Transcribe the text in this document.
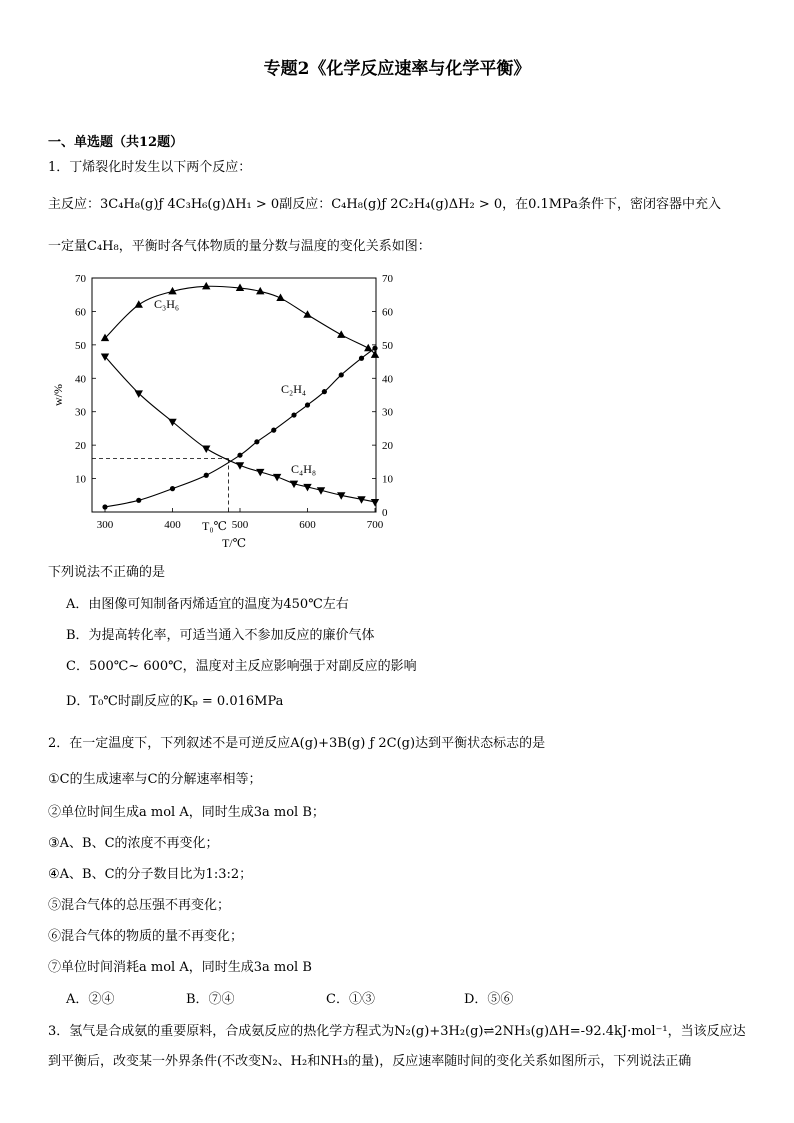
专题2《化学反应速率与化学平衡》
一、单选题（共12题）
1．丁烯裂化时发生以下两个反应：
主反应：3C₄H₈(g)ƒ 4C₃H₆(g)ΔH₁ > 0副反应：C₄H₈(g)ƒ 2C₂H₄(g)ΔH₂ > 0，在0.1MPa条件下，密闭容器中充入
一定量C₄H₈，平衡时各气体物质的量分数与温度的变化关系如图：
0
10	10
20	20
30	30
40	40
50	50
60	60
70	70
300	400	500	600	700
C₃H₆
C₂H₄
C₄H₈
T₀℃
T/℃
w/%
下列说法不正确的是
A．由图像可知制备丙烯适宜的温度为450℃左右
B．为提高转化率，可适当通入不参加反应的廉价气体
C．500℃~ 600℃，温度对主反应影响强于对副反应的影响
D．T₀℃时副反应的Kₚ = 0.016MPa
2．在一定温度下，下列叙述不是可逆反应A(g)+3B(g) ƒ 2C(g)达到平衡状态标志的是
①C的生成速率与C的分解速率相等；
②单位时间生成a mol A，同时生成3a mol B；
③A、B、C的浓度不再变化；
④A、B、C的分子数目比为1:3:2；
⑤混合气体的总压强不再变化；
⑥混合气体的物质的量不再变化；
⑦单位时间消耗a mol A，同时生成3a mol B
A．②④	B．⑦④	C．①③	D．⑤⑥
3．氢气是合成氨的重要原料，合成氨反应的热化学方程式为N₂(g)+3H₂(g)⇌2NH₃(g)ΔH=-92.4kJ·mol⁻¹，当该反应达
到平衡后，改变某一外界条件(不改变N₂、H₂和NH₃的量)，反应速率随时间的变化关系如图所示，下列说法正确
